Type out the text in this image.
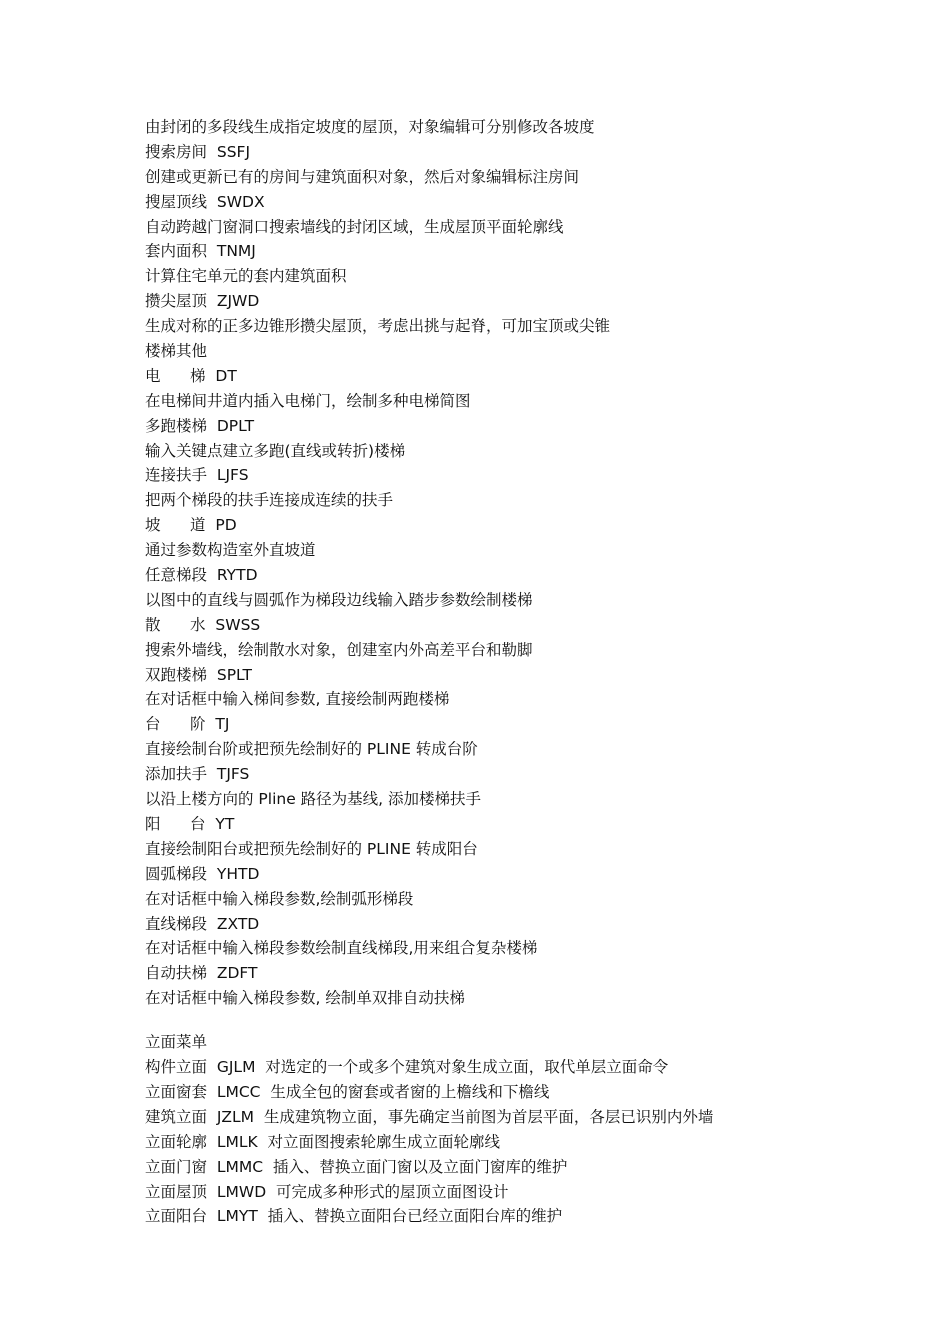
由封闭的多段线生成指定坡度的屋顶，对象编辑可分别修改各坡度
搜索房间  SSFJ
创建或更新已有的房间与建筑面积对象，然后对象编辑标注房间
搜屋顶线  SWDX
自动跨越门窗洞口搜索墙线的封闭区域，生成屋顶平面轮廓线
套内面积  TNMJ
计算住宅单元的套内建筑面积
攒尖屋顶  ZJWD
生成对称的正多边锥形攒尖屋顶，考虑出挑与起脊，可加宝顶或尖锥
楼梯其他
电      梯  DT
在电梯间井道内插入电梯门，绘制多种电梯简图
多跑楼梯  DPLT
输入关键点建立多跑(直线或转折)楼梯
连接扶手  LJFS
把两个梯段的扶手连接成连续的扶手
坡      道  PD
通过参数构造室外直坡道
任意梯段  RYTD
以图中的直线与圆弧作为梯段边线输入踏步参数绘制楼梯
散      水  SWSS
搜索外墙线，绘制散水对象，创建室内外高差平台和勒脚
双跑楼梯  SPLT
在对话框中输入梯间参数, 直接绘制两跑楼梯
台      阶  TJ
直接绘制台阶或把预先绘制好的 PLINE 转成台阶
添加扶手  TJFS
以沿上楼方向的 Pline 路径为基线, 添加楼梯扶手
阳      台  YT
直接绘制阳台或把预先绘制好的 PLINE 转成阳台
圆弧梯段  YHTD
在对话框中输入梯段参数,绘制弧形梯段
直线梯段  ZXTD
在对话框中输入梯段参数绘制直线梯段,用来组合复杂楼梯
自动扶梯  ZDFT
在对话框中输入梯段参数, 绘制单双排自动扶梯
立面菜单
构件立面  GJLM  对选定的一个或多个建筑对象生成立面，取代单层立面命令
立面窗套  LMCC  生成全包的窗套或者窗的上檐线和下檐线
建筑立面  JZLM  生成建筑物立面，事先确定当前图为首层平面，各层已识别内外墙
立面轮廓  LMLK  对立面图搜索轮廓生成立面轮廓线
立面门窗  LMMC  插入、替换立面门窗以及立面门窗库的维护
立面屋顶  LMWD  可完成多种形式的屋顶立面图设计
立面阳台  LMYT  插入、替换立面阳台已经立面阳台库的维护
